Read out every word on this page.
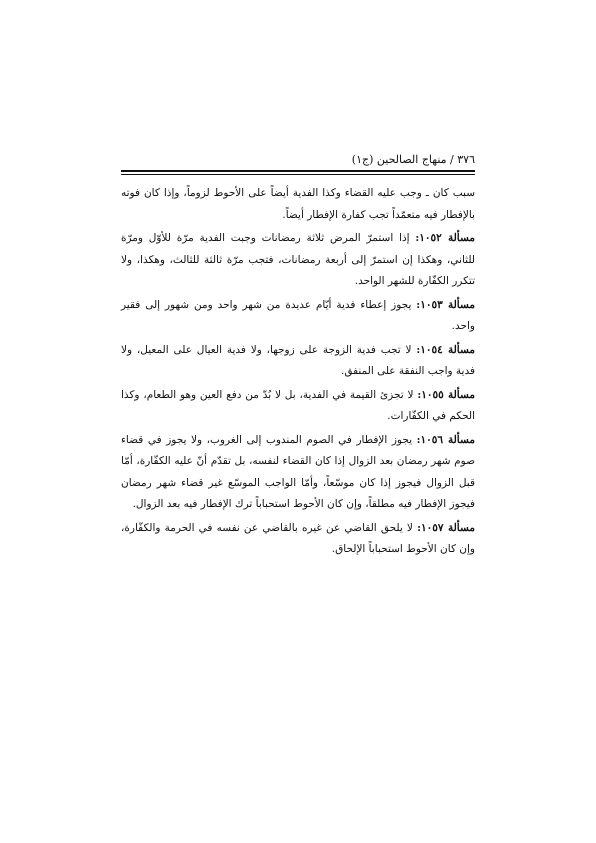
٣٧٦ / منهاج الصالحين (ج١)

سبب كان ـ وجب عليه القضاء وكذا الفدية أيضاً على الأحوط لزوماً، وإذا كان فوته بالإفطار فيه متعمّداً تجب كفارة الإفطار أيضاً.

مسألة ١٠٥٢: إذا استمرّ المرض ثلاثة رمضانات وجبت الفدية مرّة للأوّل ومرّة للثاني، وهكذا إن استمرّ إلى أربعة رمضانات، فتجب مرّة ثالثة للثالث، وهكذا، ولا تتكرر الكفّارة للشهر الواحد.

مسألة ١٠٥٣: يجوز إعطاء فدية أيّام عديدة من شهر واحد ومن شهور إلى فقير واحد.

مسألة ١٠٥٤: لا تجب فدية الزوجة على زوجها، ولا فدية العيال على المعيل، ولا فدية واجب النفقة على المنفق.

مسألة ١٠٥٥: لا تجزئ القيمة في الفدية، بل لا بُدّ من دفع العين وهو الطعام، وكذا الحكم في الكفّارات.

مسألة ١٠٥٦: يجوز الإفطار في الصوم المندوب إلى الغروب، ولا يجوز في قضاء صوم شهر رمضان بعد الزوال إذا كان القضاء لنفسه، بل تقدّم أنّ عليه الكفّارة، أمّا قبل الزوال فيجوز إذا كان موسّعاً، وأمّا الواجب الموسّع غير قضاء شهر رمضان فيجوز الإفطار فيه مطلقاً، وإن كان الأحوط استحباباً ترك الإفطار فيه بعد الزوال.

مسألة ١٠٥٧: لا يلحق القاضي عن غيره بالقاضي عن نفسه في الحرمة والكفّارة، وإن كان الأحوط استحباباً الإلحاق.
